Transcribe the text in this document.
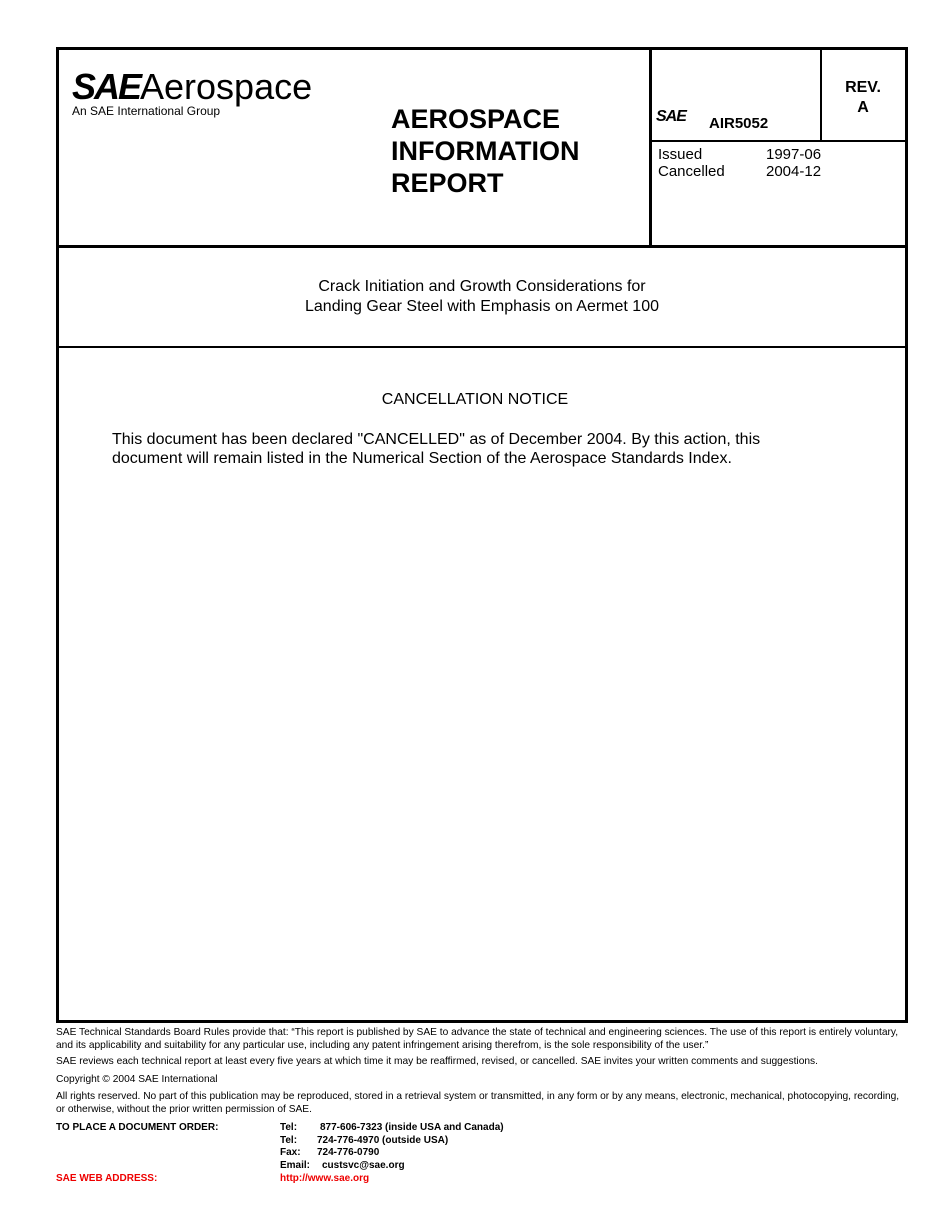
SAE Aerospace
An SAE International Group	AEROSPACE
INFORMATION
REPORT
SAE AIR5052
REV.
A
Issued	1997-06
Cancelled	2004-12
Crack Initiation and Growth Considerations for
Landing Gear Steel with Emphasis on Aermet 100
CANCELLATION NOTICE
This document has been declared "CANCELLED" as of December 2004. By this action, this
document will remain listed in the Numerical Section of the Aerospace Standards Index.
SAE Technical Standards Board Rules provide that: “This report is published by SAE to advance the state of technical and engineering sciences. The use of this report is entirely voluntary, and its applicability and suitability for any particular use, including any patent infringement arising therefrom, is the sole responsibility of the user.”
SAE reviews each technical report at least every five years at which time it may be reaffirmed, revised, or cancelled. SAE invites your written comments and suggestions.
Copyright © 2004 SAE International
All rights reserved. No part of this publication may be reproduced, stored in a retrieval system or transmitted, in any form or by any means, electronic, mechanical, photocopying, recording, or otherwise, without the prior written permission of SAE.
TO PLACE A DOCUMENT ORDER:	Tel: 877-606-7323 (inside USA and Canada)
Tel: 724-776-4970 (outside USA)
Fax: 724-776-0790
Email: custsvc@sae.org
SAE WEB ADDRESS:	http://www.sae.org
